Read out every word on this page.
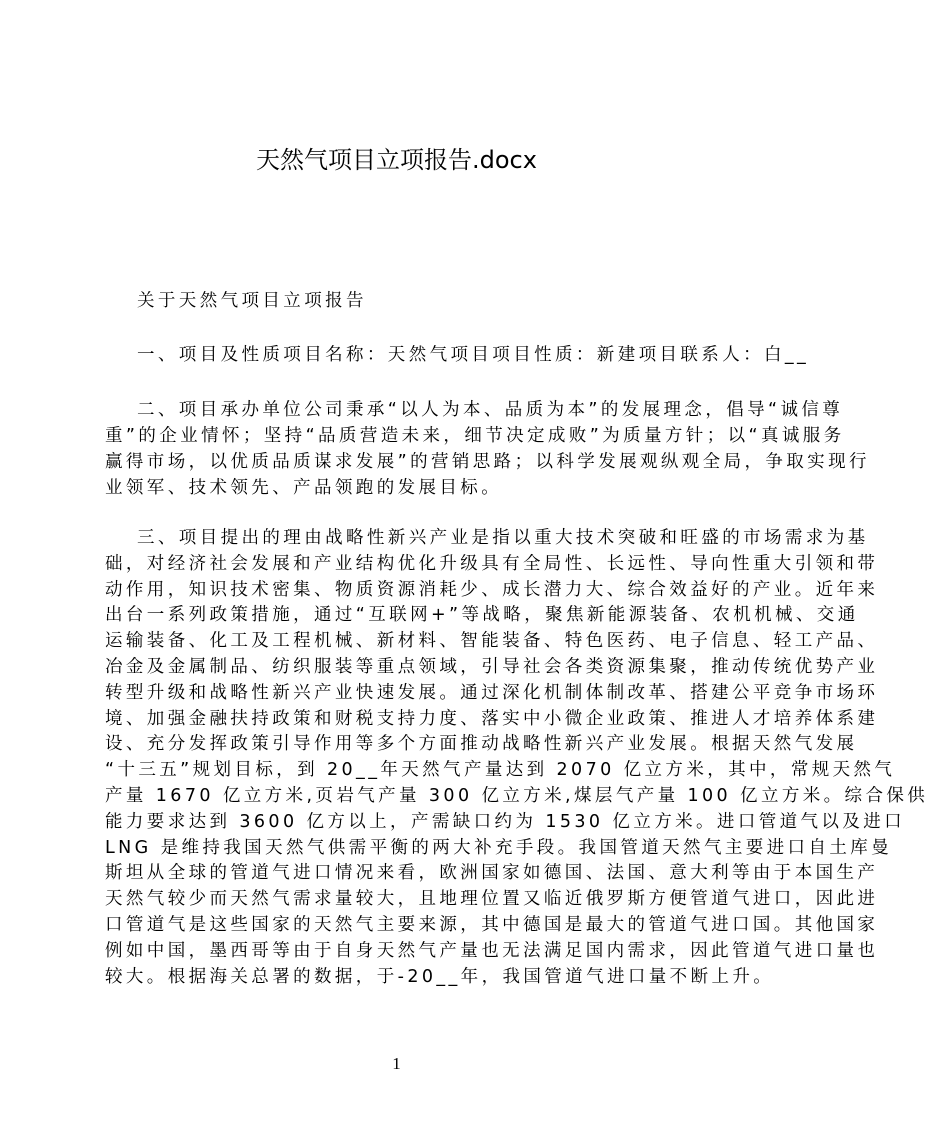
天然气项目立项报告.docx
关于天然气项目立项报告
一、项目及性质项目名称：天然气项目项目性质：新建项目联系人：白__
二、项目承办单位公司秉承“以人为本、品质为本”的发展理念，倡导“诚信尊
重”的企业情怀；坚持“品质营造未来，细节决定成败”为质量方针；以“真诚服务
赢得市场，以优质品质谋求发展”的营销思路；以科学发展观纵观全局，争取实现行
业领军、技术领先、产品领跑的发展目标。
三、项目提出的理由战略性新兴产业是指以重大技术突破和旺盛的市场需求为基
础，对经济社会发展和产业结构优化升级具有全局性、长远性、导向性重大引领和带
动作用，知识技术密集、物质资源消耗少、成长潜力大、综合效益好的产业。近年来
出台一系列政策措施，通过“互联网+”等战略，聚焦新能源装备、农机机械、交通
运输装备、化工及工程机械、新材料、智能装备、特色医药、电子信息、轻工产品、
冶金及金属制品、纺织服装等重点领域，引导社会各类资源集聚，推动传统优势产业
转型升级和战略性新兴产业快速发展。通过深化机制体制改革、搭建公平竞争市场环
境、加强金融扶持政策和财税支持力度、落实中小微企业政策、推进人才培养体系建
设、充分发挥政策引导作用等多个方面推动战略性新兴产业发展。根据天然气发展
“十三五”规划目标，到 20__年天然气产量达到 2070 亿立方米，其中，常规天然气
产量 1670 亿立方米,页岩气产量 300 亿立方米,煤层气产量 100 亿立方米。综合保供
能力要求达到 3600 亿方以上，产需缺口约为 1530 亿立方米。进口管道气以及进口
LNG 是维持我国天然气供需平衡的两大补充手段。我国管道天然气主要进口自土库曼
斯坦从全球的管道气进口情况来看，欧洲国家如德国、法国、意大利等由于本国生产
天然气较少而天然气需求量较大，且地理位置又临近俄罗斯方便管道气进口，因此进
口管道气是这些国家的天然气主要来源，其中德国是最大的管道气进口国。其他国家
例如中国，墨西哥等由于自身天然气产量也无法满足国内需求，因此管道气进口量也
较大。根据海关总署的数据，于-20__年，我国管道气进口量不断上升。
1
